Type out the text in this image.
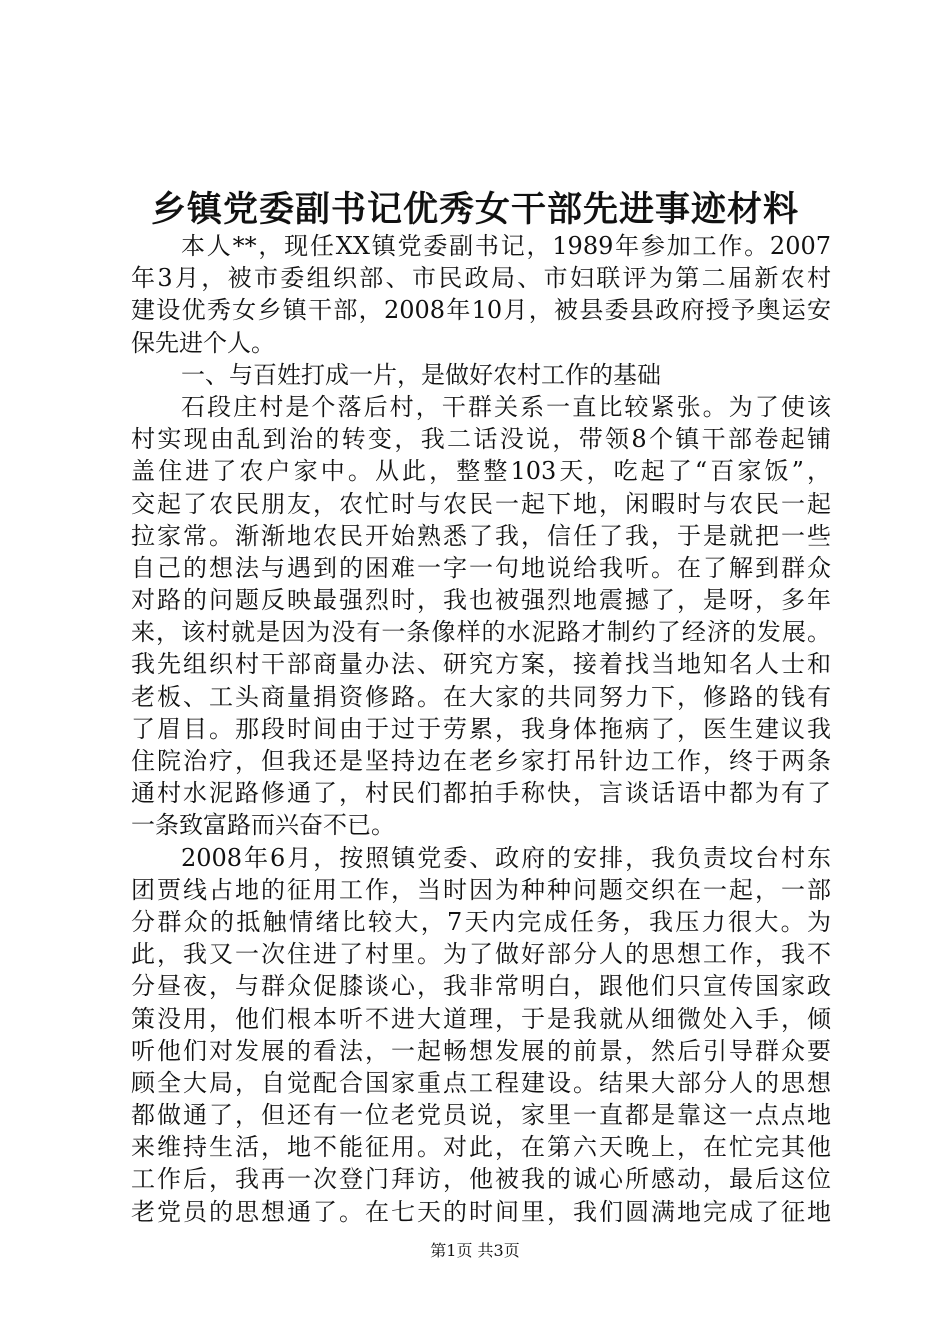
乡镇党委副书记优秀女干部先进事迹材料
本人**，现任XX镇党委副书记，1989年参加工作。2007
年3月，被市委组织部、市民政局、市妇联评为第二届新农村
建设优秀女乡镇干部，2008年10月，被县委县政府授予奥运安
保先进个人。
一、与百姓打成一片，是做好农村工作的基础
石段庄村是个落后村，干群关系一直比较紧张。为了使该
村实现由乱到治的转变，我二话没说，带领8个镇干部卷起铺
盖住进了农户家中。从此，整整103天，吃起了“百家饭”，
交起了农民朋友，农忙时与农民一起下地，闲暇时与农民一起
拉家常。渐渐地农民开始熟悉了我，信任了我，于是就把一些
自己的想法与遇到的困难一字一句地说给我听。在了解到群众
对路的问题反映最强烈时，我也被强烈地震撼了，是呀，多年
来，该村就是因为没有一条像样的水泥路才制约了经济的发展。
我先组织村干部商量办法、研究方案，接着找当地知名人士和
老板、工头商量捐资修路。在大家的共同努力下，修路的钱有
了眉目。那段时间由于过于劳累，我身体拖病了，医生建议我
住院治疗，但我还是坚持边在老乡家打吊针边工作，终于两条
通村水泥路修通了，村民们都拍手称快，言谈话语中都为有了
一条致富路而兴奋不已。
2008年6月，按照镇党委、政府的安排，我负责坟台村东
团贾线占地的征用工作，当时因为种种问题交织在一起，一部
分群众的抵触情绪比较大，7天内完成任务，我压力很大。为
此，我又一次住进了村里。为了做好部分人的思想工作，我不
分昼夜，与群众促膝谈心，我非常明白，跟他们只宣传国家政
策没用，他们根本听不进大道理，于是我就从细微处入手，倾
听他们对发展的看法，一起畅想发展的前景，然后引导群众要
顾全大局，自觉配合国家重点工程建设。结果大部分人的思想
都做通了，但还有一位老党员说，家里一直都是靠这一点点地
来维持生活，地不能征用。对此，在第六天晚上，在忙完其他
工作后，我再一次登门拜访，他被我的诚心所感动，最后这位
老党员的思想通了。在七天的时间里，我们圆满地完成了征地
第1页 共3页
